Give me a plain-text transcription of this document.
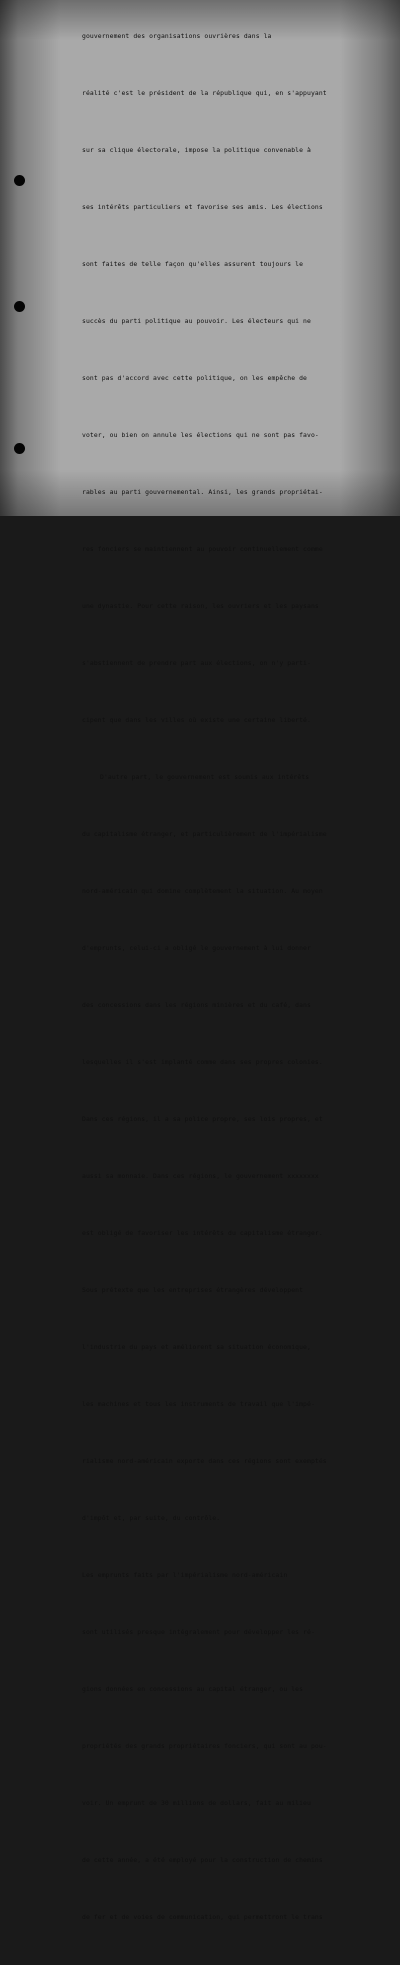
gouvernement des organisations ouvrières dans la

réalité c'est le président de la république qui, en s'appuyant

sur sa clique électorale, impose la politique convenable à

ses intérêts particuliers et favorise ses amis. Les élections

sont faites de telle façon qu'elles assurent toujours le

succès du parti politique au pouvoir. Les électeurs qui ne

sont pas d'accord avec cette politique, on les empêche de

voter, ou bien on annule les élections qui ne sont pas favo-

rables au parti gouvernemental. Ainsi, les grands propriétai-

res fonciers se maintiennent au pouvoir continuellement comme

une dynastie. Pour cette raison, les ouvriers et les paysans

s'abstiennent de prendre part aux élections, on n'y parti-

cipent que dans les villes où existe une certaine liberté.

D'autre part, le gouvernement est soumis aux intérêts

du capitalisme étranger, et particulièrement de l'impérialisme

nord-américain qui domine complètement la situation. Au moyen

d'emprunts, celui-ci a obligé le gouvernement à lui donner

des concessions dans les régions minières et du café, dans

lesquelles il s'est implanté comme dans ses propres colonies.

Dans ces régions, il a sa police propre, ses lois propres, et

aussi sa monnaie. Dans ces régions, le gouvernement xxxxxxxx

est obligé de favoriser les intérêts du capitalisme étranger.

Sous prétexte que les entreprises étrangères développent

l'industrie du pays et améliorent sa situation économique,

les machines et tous les instruments de travail que l'impé-

rialisme nord-américain exporte dans ces régions sont exemptés

d'impôt et, par suite, du contrôle.

Les emprunts faits par l'impérialisme nord-américain

sont utilisés presque intégralement pour développer les ré-

gions données en concessions au capital étranger, ou les

propriétés des grands propriétaires fonciers, qui sont au pou-

voir. Un emprunt de 30 millions de dollars, fait au milieu

de cette année, a été employé pour la construction de chemins

de fer et de voies de communication, qui permettront le trans
